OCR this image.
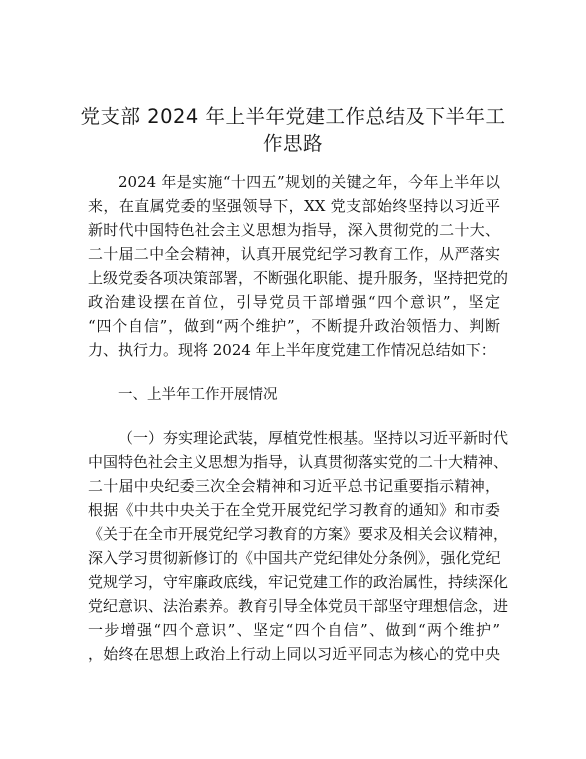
党支部 2024 年上半年党建工作总结及下半年工
作思路
2024 年是实施“十四五”规划的关键之年，今年上半年以
来，在直属党委的坚强领导下，XX 党支部始终坚持以习近平
新时代中国特色社会主义思想为指导，深入贯彻党的二十大、
二十届二中全会精神，认真开展党纪学习教育工作，从严落实
上级党委各项决策部署，不断强化职能、提升服务，坚持把党的
政治建设摆在首位，引导党员干部增强“四个意识”，坚定
“四个自信”，做到“两个维护”，不断提升政治领悟力、判断
力、执行力。现将 2024 年上半年度党建工作情况总结如下：
一、上半年工作开展情况
（一）夯实理论武装，厚植党性根基。坚持以习近平新时代
中国特色社会主义思想为指导，认真贯彻落实党的二十大精神、
二十届中央纪委三次全会精神和习近平总书记重要指示精神，
根据《中共中央关于在全党开展党纪学习教育的通知》和市委
《关于在全市开展党纪学习教育的方案》要求及相关会议精神，
深入学习贯彻新修订的《中国共产党纪律处分条例》，强化党纪
党规学习，守牢廉政底线，牢记党建工作的政治属性，持续深化
党纪意识、法治素养。教育引导全体党员干部坚守理想信念，进
一步增强“四个意识”、坚定“四个自信”、做到“两个维护”
，始终在思想上政治上行动上同以习近平同志为核心的党中央
